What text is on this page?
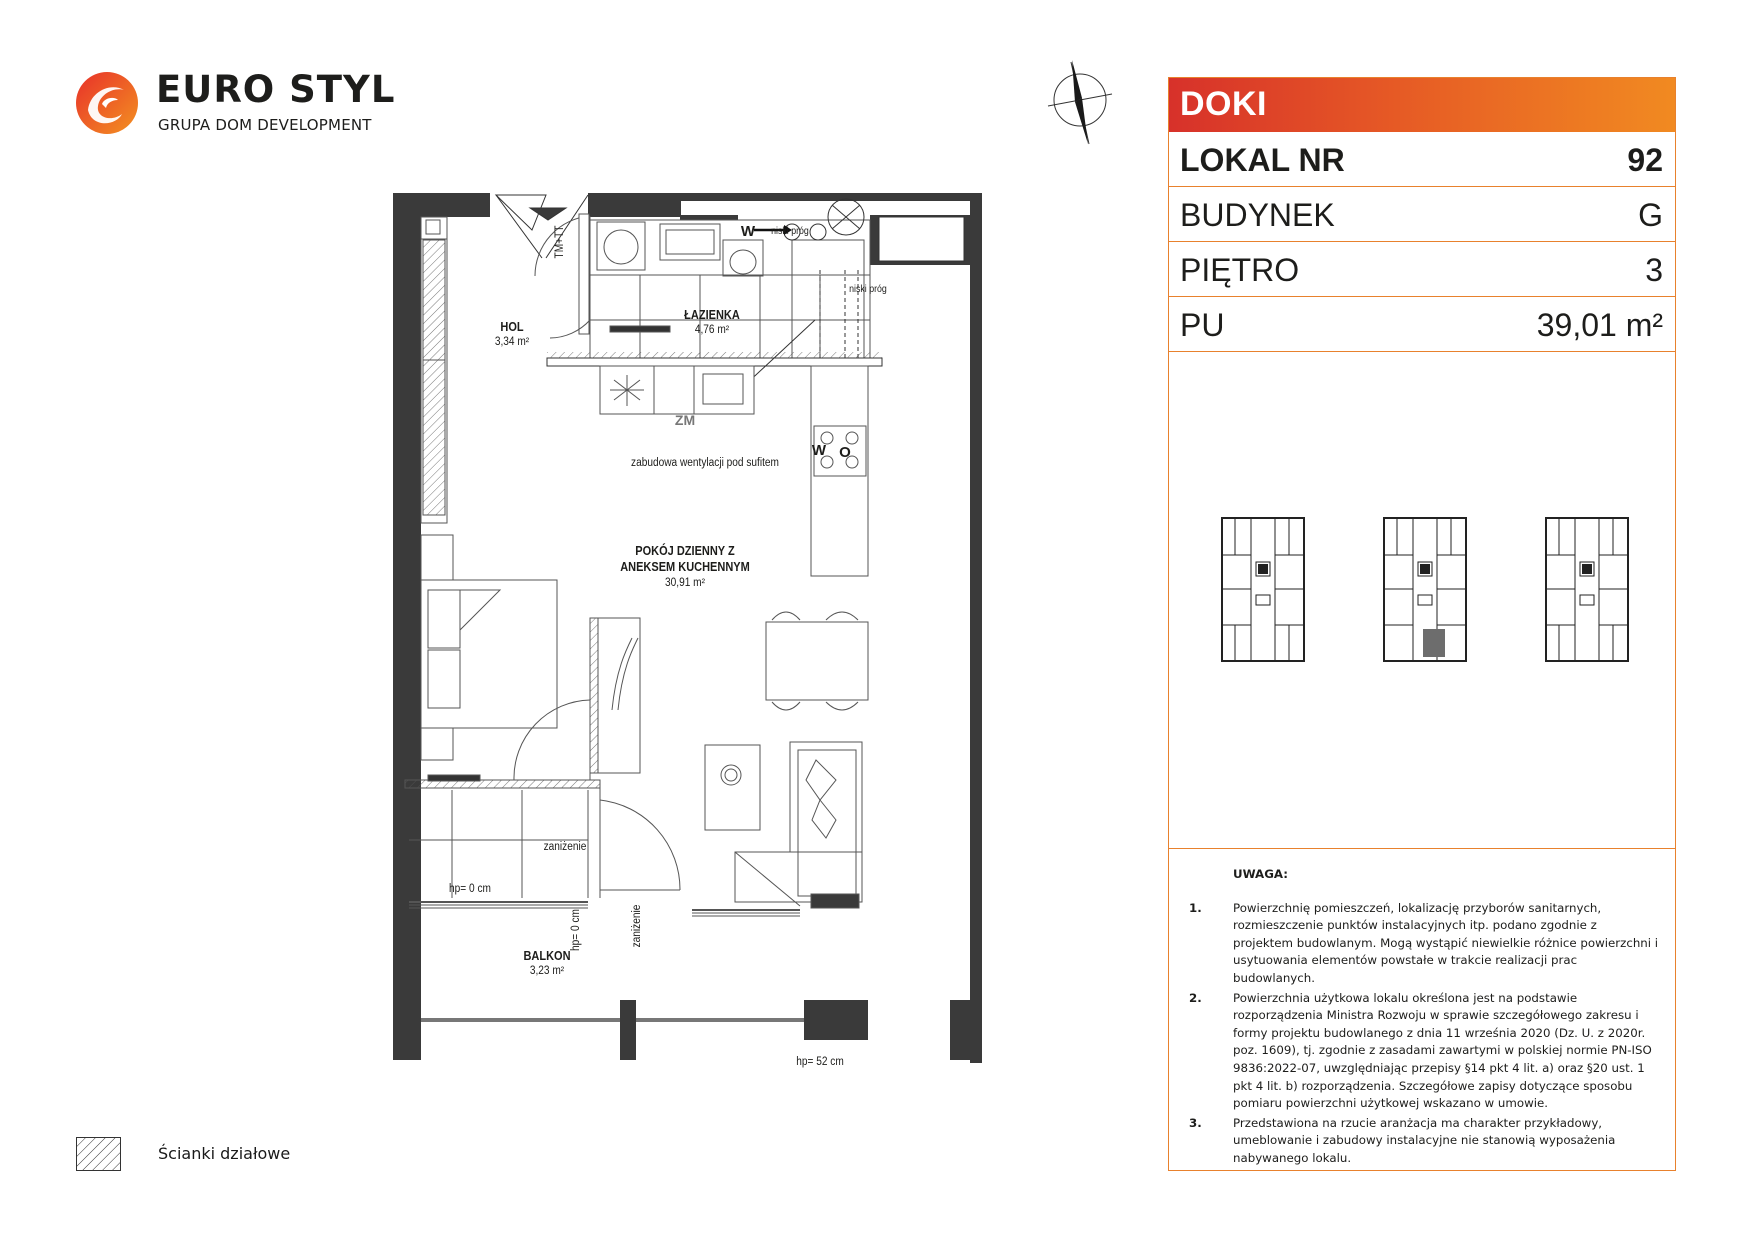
EURO STYL
GRUPA DOM DEVELOPMENT
DOKI
LOKAL NR	92
BUDYNEK	G
PIĘTRO	3
PU	39,01 m²
UWAGA:
1.	Powierzchnię pomieszczeń, lokalizację przyborów sanitarnych, rozmieszczenie punktów instalacyjnych itp. podano zgodnie z projektem budowlanym. Mogą wystąpić niewielkie różnice powierzchni i usytuowania elementów powstałe w trakcie realizacji prac budowlanych.
2.	Powierzchnia użytkowa lokalu określona jest na podstawie rozporządzenia Ministra Rozwoju w sprawie szczegółowego zakresu i formy projektu budowlanego z dnia 11 września 2020 (Dz. U. z 2020r. poz. 1609), tj. zgodnie z zasadami zawartymi w polskiej normie PN-ISO 9836:2022-07, uwzględniając przepisy §14 pkt 4 lit. a) oraz §20 ust. 1 pkt 4 lit. b) rozporządzenia. Szczegółowe zapisy dotyczące sposobu pomiaru powierzchni użytkowej wskazano w umowie.
3.	Przedstawiona na rzucie aranżacja ma charakter przykładowy, umeblowanie i zabudowy instalacyjne nie stanowią wyposażenia nabywanego lokalu.
HOL
3,34 m²
ŁAZIENKA
4,76 m²
POKÓJ DZIENNY Z
ANEKSEM KUCHENNYM
30,91 m²
BALKON
3,23 m²
TM+TT	niski próg
niski próg
zabudowa wentylacji pod sufitem
W
ZM
W O
zaniżenie
zaniżenie
hp= 0 cm
hp= 0 cm
hp= 52 cm
Ścianki działowe
